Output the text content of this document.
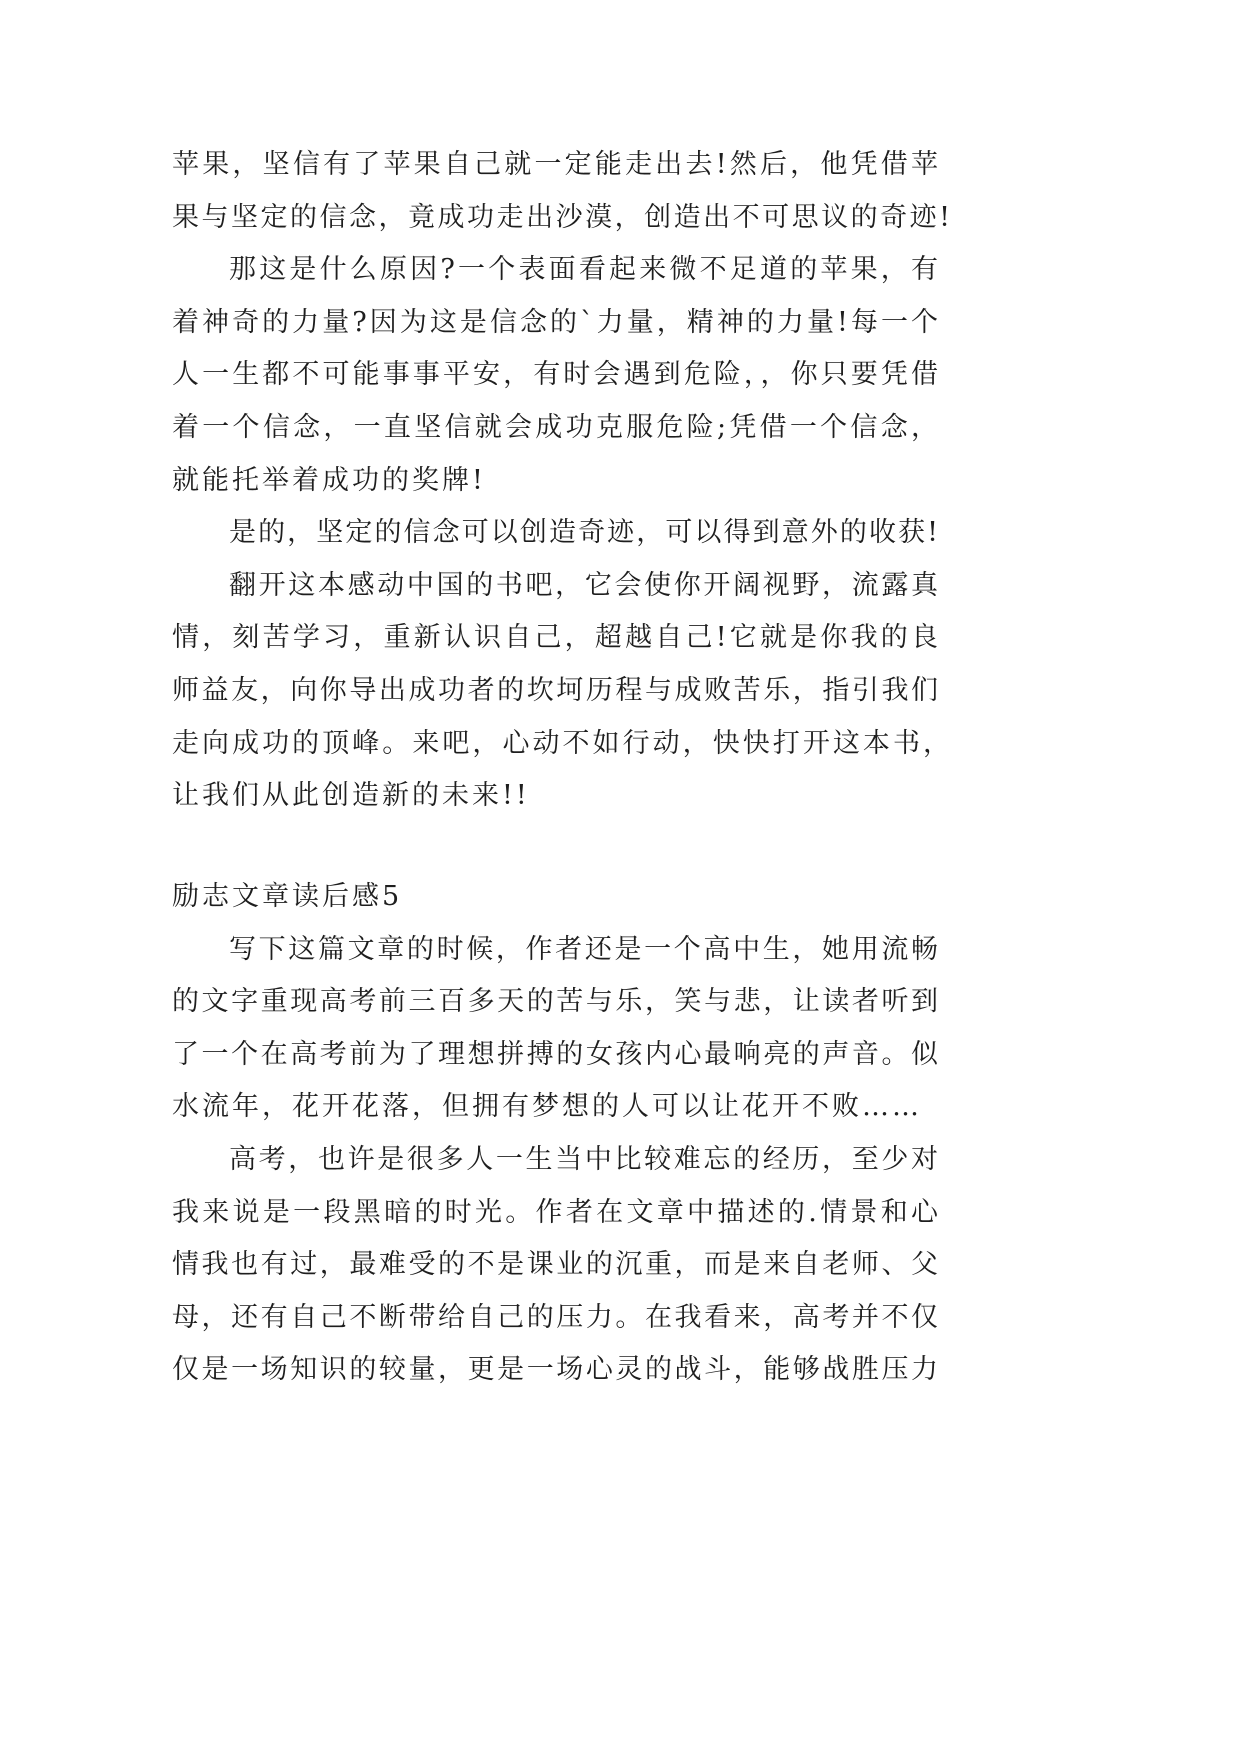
苹果，坚信有了苹果自己就一定能走出去!然后，他凭借苹
果与坚定的信念，竟成功走出沙漠，创造出不可思议的奇迹!
那这是什么原因?一个表面看起来微不足道的苹果，有
着神奇的力量?因为这是信念的`力量，精神的力量!每一个
人一生都不可能事事平安，有时会遇到危险，，你只要凭借
着一个信念，一直坚信就会成功克服危险;凭借一个信念，
就能托举着成功的奖牌!
是的，坚定的信念可以创造奇迹，可以得到意外的收获!
翻开这本感动中国的书吧，它会使你开阔视野，流露真
情，刻苦学习，重新认识自己，超越自己!它就是你我的良
师益友，向你导出成功者的坎坷历程与成败苦乐，指引我们
走向成功的顶峰。来吧，心动不如行动，快快打开这本书，
让我们从此创造新的未来!!
励志文章读后感5
写下这篇文章的时候，作者还是一个高中生，她用流畅
的文字重现高考前三百多天的苦与乐，笑与悲，让读者听到
了一个在高考前为了理想拼搏的女孩内心最响亮的声音。似
水流年，花开花落，但拥有梦想的人可以让花开不败……
高考，也许是很多人一生当中比较难忘的经历，至少对
我来说是一段黑暗的时光。作者在文章中描述的.情景和心
情我也有过，最难受的不是课业的沉重，而是来自老师、父
母，还有自己不断带给自己的压力。在我看来，高考并不仅
仅是一场知识的较量，更是一场心灵的战斗，能够战胜压力
